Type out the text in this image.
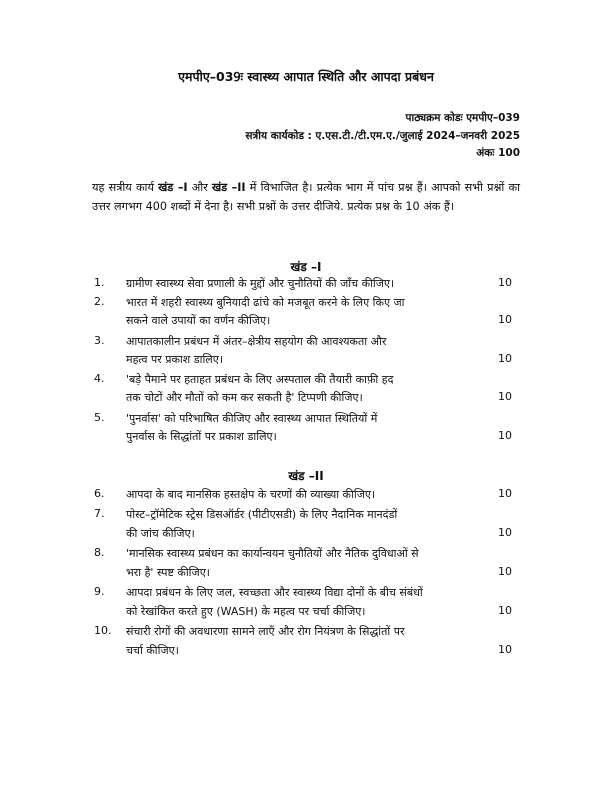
एमपीए–039ः स्वास्थ्य आपात स्थिति और आपदा प्रबंधन
पाठ्यक्रम कोडः एमपीए–039
सत्रीय कार्यकोड : ए.एस.टी./टी.एम.ए./जुलाई 2024–जनवरी 2025
अंकः 100
यह सत्रीय कार्य खंड –I और खंड –II में विभाजित है। प्रत्येक भाग में पांच प्रश्न हैं। आपको सभी प्रश्नों का उत्तर लगभग 400 शब्दों में देना है। सभी प्रश्नों के उत्तर दीजिये. प्रत्येक प्रश्न के 10 अंक हैं।
खंड –I
1. ग्रामीण स्वास्थ्य सेवा प्रणाली के मुद्दों और चुनौतियों की जाँच कीजिए।	10
2. भारत में शहरी स्वास्थ्य बुनियादी ढांचे को मजबूत करने के लिए किए जा
सकने वाले उपायों का वर्णन कीजिए।	10
3. आपातकालीन प्रबंधन में अंतर–क्षेत्रीय सहयोग की आवश्यकता और
महत्व पर प्रकाश डालिए।	10
4. 'बड़े पैमाने पर हताहत प्रबंधन के लिए अस्पताल की तैयारी काफ़ी हद
तक चोटों और मौतों को कम कर सकती है' टिप्पणी कीजिए।	10
5. 'पुनर्वास' को परिभाषित कीजिए और स्वास्थ्य आपात स्थितियों में
पुनर्वास के सिद्धांतों पर प्रकाश डालिए।	10
खंड –II
6. आपदा के बाद मानसिक हस्तक्षेप के चरणों की व्याख्या कीजिए।	10
7. पोस्ट–ट्रॉमेटिक स्ट्रेस डिसऑर्डर (पीटीएसडी) के लिए नैदानिक मानदंडों
की जांच कीजिए।	10
8. 'मानसिक स्वास्थ्य प्रबंधन का कार्यान्वयन चुनौतियों और नैतिक दुविधाओं से
भरा है' स्पष्ट कीजिए।	10
9. आपदा प्रबंधन के लिए जल, स्वच्छता और स्वास्थ्य विद्या दोनों के बीच संबंधों
को रेखांकित करते हुए (WASH) के महत्व पर चर्चा कीजिए।	10
10. संचारी रोगों की अवधारणा सामने लाएँ और रोग नियंत्रण के सिद्धांतों पर
चर्चा कीजिए।	10
